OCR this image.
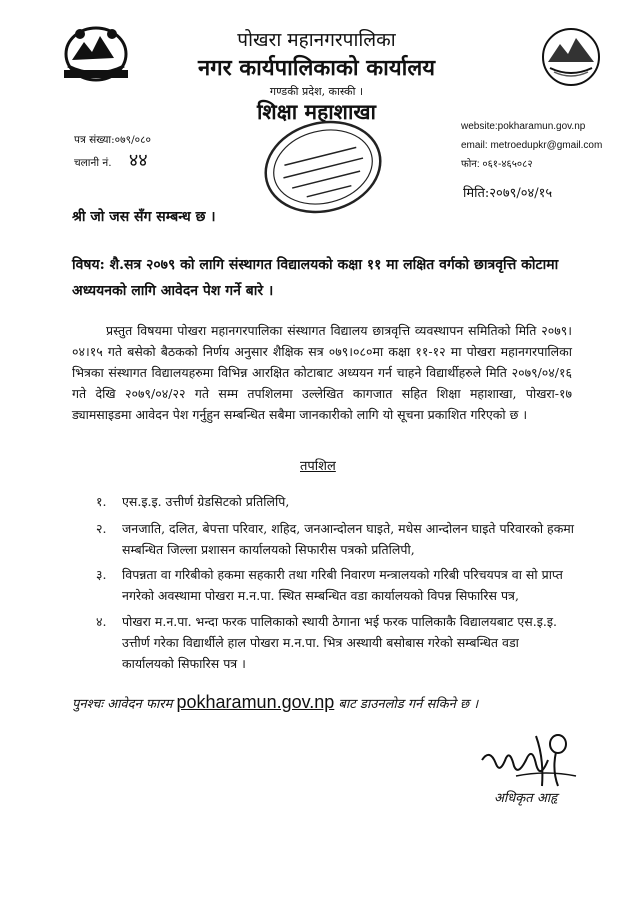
पोखरा महानगरपालिका
नगर कार्यपालिकाको कार्यालय
गण्डकी प्रदेश, कास्की ।
शिक्षा महाशाखा
पत्र संख्या:०७९/०८०
चलानी नं. ४४
website:pokharamun.gov.np
email: metroedupkr@gmail.com
फोन: ०६१-४६५०८२
मिति:२०७९/०४/१५
श्री जो जस सँग सम्बन्ध छ ।
विषय: शै.सत्र २०७९ को लागि संस्थागत विद्यालयको कक्षा ११ मा लक्षित वर्गको छात्रवृत्ति कोटामा अध्ययनको लागि आवेदन पेश गर्ने बारे ।
प्रस्तुत विषयमा पोखरा महानगरपालिका संस्थागत विद्यालय छात्रवृत्ति व्यवस्थापन समितिको मिति २०७९।०४।१५ गते बसेको बैठकको निर्णय अनुसार शैक्षिक सत्र ०७९।०८०मा कक्षा ११-१२ मा पोखरा महानगरपालिका भित्रका संस्थागत विद्यालयहरुमा विभिन्न आरक्षित कोटाबाट अध्ययन गर्न चाहने विद्यार्थीहरुले मिति २०७९/०४/१६ गते देखि २०७९/०४/२२ गते सम्म तपशिलमा उल्लेखित कागजात सहित शिक्षा महाशाखा, पोखरा-१७ ड्यामसाइडमा आवेदन पेश गर्नुहुन सम्बन्धित सबैमा जानकारीको लागि यो सूचना प्रकाशित गरिएको छ ।
तपशिल
१. एस.इ.इ. उत्तीर्ण ग्रेडसिटको प्रतिलिपि,
२. जनजाति, दलित, बेपत्ता परिवार, शहिद, जनआन्दोलन घाइते, मधेस आन्दोलन घाइते परिवारको हकमा सम्बन्धित जिल्ला प्रशासन कार्यालयको सिफारीस पत्रको प्रतिलिपी,
३. विपन्नता वा गरिबीको हकमा सहकारी तथा गरिबी निवारण मन्त्रालयको गरिबी परिचयपत्र वा सो प्राप्त नगरेको अवस्थामा पोखरा म.न.पा. स्थित सम्बन्धित वडा कार्यालयको विपन्न सिफारिस पत्र,
४. पोखरा म.न.पा. भन्दा फरक पालिकाको स्थायी ठेगाना भई फरक पालिकाकै विद्यालयबाट एस.इ.इ. उत्तीर्ण गरेका विद्यार्थीले हाल पोखरा म.न.पा. भित्र अस्थायी बसोबास गरेको सम्बन्धित वडा कार्यालयको सिफारिस पत्र ।
पुनश्चः आवेदन फारम pokharamun.gov.np बाट डाउनलोड गर्न सकिने छ ।
अधिकृत आहृ
